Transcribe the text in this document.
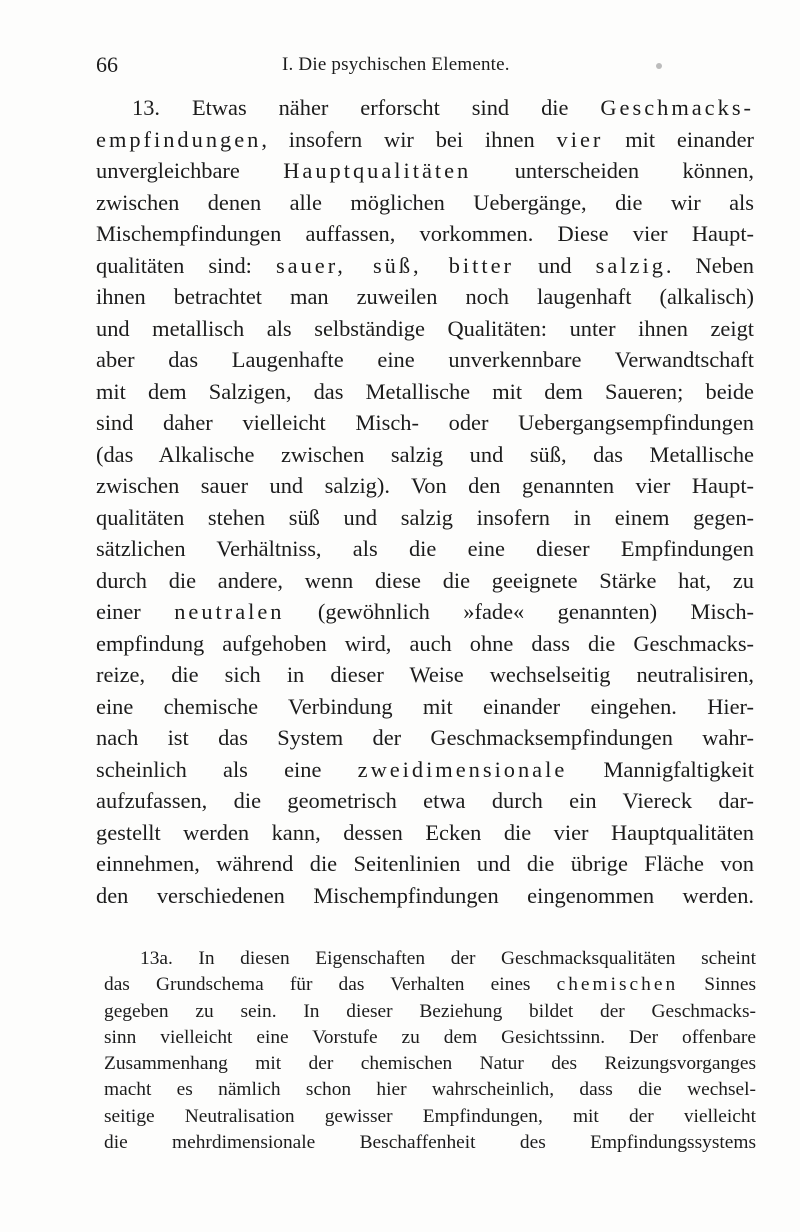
66	I. Die psychischen Elemente.
13. Etwas näher erforscht sind die Geschmacks-
empfindungen, insofern wir bei ihnen vier mit einander
unvergleichbare Hauptqualitäten unterscheiden können,
zwischen denen alle möglichen Uebergänge, die wir als
Mischempfindungen auffassen, vorkommen. Diese vier Haupt-
qualitäten sind: sauer, süß, bitter und salzig. Neben
ihnen betrachtet man zuweilen noch laugenhaft (alkalisch)
und metallisch als selbständige Qualitäten: unter ihnen zeigt
aber das Laugenhafte eine unverkennbare Verwandtschaft
mit dem Salzigen, das Metallische mit dem Saueren; beide
sind daher vielleicht Misch- oder Uebergangsempfindungen
(das Alkalische zwischen salzig und süß, das Metallische
zwischen sauer und salzig). Von den genannten vier Haupt-
qualitäten stehen süß und salzig insofern in einem gegen-
sätzlichen Verhältniss, als die eine dieser Empfindungen
durch die andere, wenn diese die geeignete Stärke hat, zu
einer neutralen (gewöhnlich »fade« genannten) Misch-
empfindung aufgehoben wird, auch ohne dass die Geschmacks-
reize, die sich in dieser Weise wechselseitig neutralisiren,
eine chemische Verbindung mit einander eingehen. Hier-
nach ist das System der Geschmacksempfindungen wahr-
scheinlich als eine zweidimensionale Mannigfaltigkeit
aufzufassen, die geometrisch etwa durch ein Viereck dar-
gestellt werden kann, dessen Ecken die vier Hauptqualitäten
einnehmen, während die Seitenlinien und die übrige Fläche von
den verschiedenen Mischempfindungen eingenommen werden.
13a. In diesen Eigenschaften der Geschmacksqualitäten scheint
das Grundschema für das Verhalten eines chemischen Sinnes
gegeben zu sein. In dieser Beziehung bildet der Geschmacks-
sinn vielleicht eine Vorstufe zu dem Gesichtssinn. Der offenbare
Zusammenhang mit der chemischen Natur des Reizungsvorganges
macht es nämlich schon hier wahrscheinlich, dass die wechsel-
seitige Neutralisation gewisser Empfindungen, mit der vielleicht
die mehrdimensionale Beschaffenheit des Empfindungssystems
